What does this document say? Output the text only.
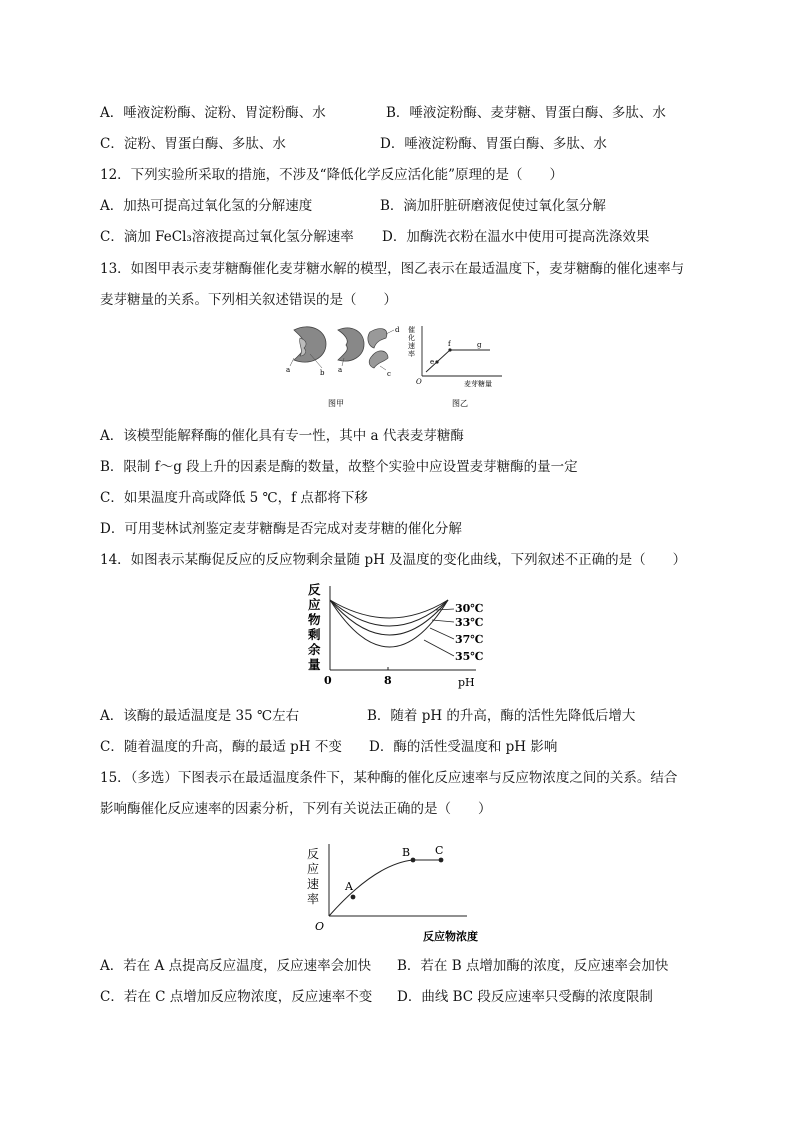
A．唾液淀粉酶、淀粉、胃淀粉酶、水	B．唾液淀粉酶、麦芽糖、胃蛋白酶、多肽、水
C．淀粉、胃蛋白酶、多肽、水	D．唾液淀粉酶、胃蛋白酶、多肽、水
12．下列实验所采取的措施，不涉及“降低化学反应活化能”原理的是（　　）
A．加热可提高过氧化氢的分解速度	B．滴加肝脏研磨液促使过氧化氢分解
C．滴加 FeCl₃溶液提高过氧化氢分解速率 D．加酶洗衣粉在温水中使用可提高洗涤效果
13．如图甲表示麦芽糖酶催化麦芽糖水解的模型，图乙表示在最适温度下，麦芽糖酶的催化速率与
麦芽糖量的关系。下列相关叙述错误的是（　　）
a	b a
d
c
图甲
催
化
速
率
O	麦芽糖量
e
f	g
图乙
A．该模型能解释酶的催化具有专一性，其中 a 代表麦芽糖酶
B．限制 f～g 段上升的因素是酶的数量，故整个实验中应设置麦芽糖酶的量一定
C．如果温度升高或降低 5 ℃，f 点都将下移
D．可用斐林试剂鉴定麦芽糖酶是否完成对麦芽糖的催化分解
14．如图表示某酶促反应的反应物剩余量随 pH 及温度的变化曲线，下列叙述不正确的是（　　）
反
应
物
剩
余
量
0	8	pH
30℃
33℃
37℃
35℃
A．该酶的最适温度是 35 ℃左右	B．随着 pH 的升高，酶的活性先降低后增大
C．随着温度的升高，酶的最适 pH 不变 D．酶的活性受温度和 pH 影响
15．（多选）下图表示在最适温度条件下，某种酶的催化反应速率与反应物浓度之间的关系。结合
影响酶催化反应速率的因素分析，下列有关说法正确的是（　　）
反
应
速
率
O
反应物浓度
A
B C
A．若在 A 点提高反应温度，反应速率会加快 B．若在 B 点增加酶的浓度，反应速率会加快
C．若在 C 点增加反应物浓度，反应速率不变 D．曲线 BC 段反应速率只受酶的浓度限制
